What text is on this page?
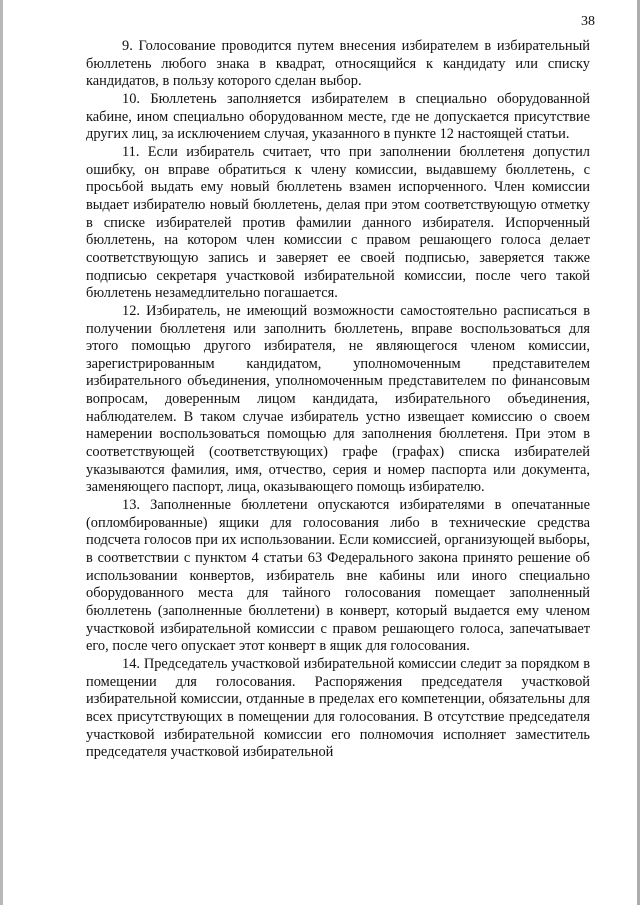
38

9. Голосование проводится путем внесения избирателем в избирательный бюллетень любого знака в квадрат, относящийся к кандидату или списку кандидатов, в пользу которого сделан выбор.

10. Бюллетень заполняется избирателем в специально оборудованной кабине, ином специально оборудованном месте, где не допускается присутствие других лиц, за исключением случая, указанного в пункте 12 настоящей статьи.

11. Если избиратель считает, что при заполнении бюллетеня допустил ошибку, он вправе обратиться к члену комиссии, выдавшему бюллетень, с просьбой выдать ему новый бюллетень взамен испорченного. Член комиссии выдает избирателю новый бюллетень, делая при этом соответствующую отметку в списке избирателей против фамилии данного избирателя. Испорченный бюллетень, на котором член комиссии с правом решающего голоса делает соответствующую запись и заверяет ее своей подписью, заверяется также подписью секретаря участковой избирательной комиссии, после чего такой бюллетень незамедлительно погашается.

12. Избиратель, не имеющий возможности самостоятельно расписаться в получении бюллетеня или заполнить бюллетень, вправе воспользоваться для этого помощью другого избирателя, не являющегося членом комиссии, зарегистрированным кандидатом, уполномоченным представителем избирательного объединения, уполномоченным представителем по финансовым вопросам, доверенным лицом кандидата, избирательного объединения, наблюдателем. В таком случае избиратель устно извещает комиссию о своем намерении воспользоваться помощью для заполнения бюллетеня. При этом в соответствующей (соответствующих) графе (графах) списка избирателей указываются фамилия, имя, отчество, серия и номер паспорта или документа, заменяющего паспорт, лица, оказывающего помощь избирателю.

13. Заполненные бюллетени опускаются избирателями в опечатанные (опломбированные) ящики для голосования либо в технические средства подсчета голосов при их использовании. Если комиссией, организующей выборы, в соответствии с пунктом 4 статьи 63 Федерального закона принято решение об использовании конвертов, избиратель вне кабины или иного специально оборудованного места для тайного голосования помещает заполненный бюллетень (заполненные бюллетени) в конверт, который выдается ему членом участковой избирательной комиссии с правом решающего голоса, запечатывает его, после чего опускает этот конверт в ящик для голосования.

14. Председатель участковой избирательной комиссии следит за порядком в помещении для голосования. Распоряжения председателя участковой избирательной комиссии, отданные в пределах его компетенции, обязательны для всех присутствующих в помещении для голосования. В отсутствие председателя участковой избирательной комиссии его полномочия исполняет заместитель председателя участковой избирательной
